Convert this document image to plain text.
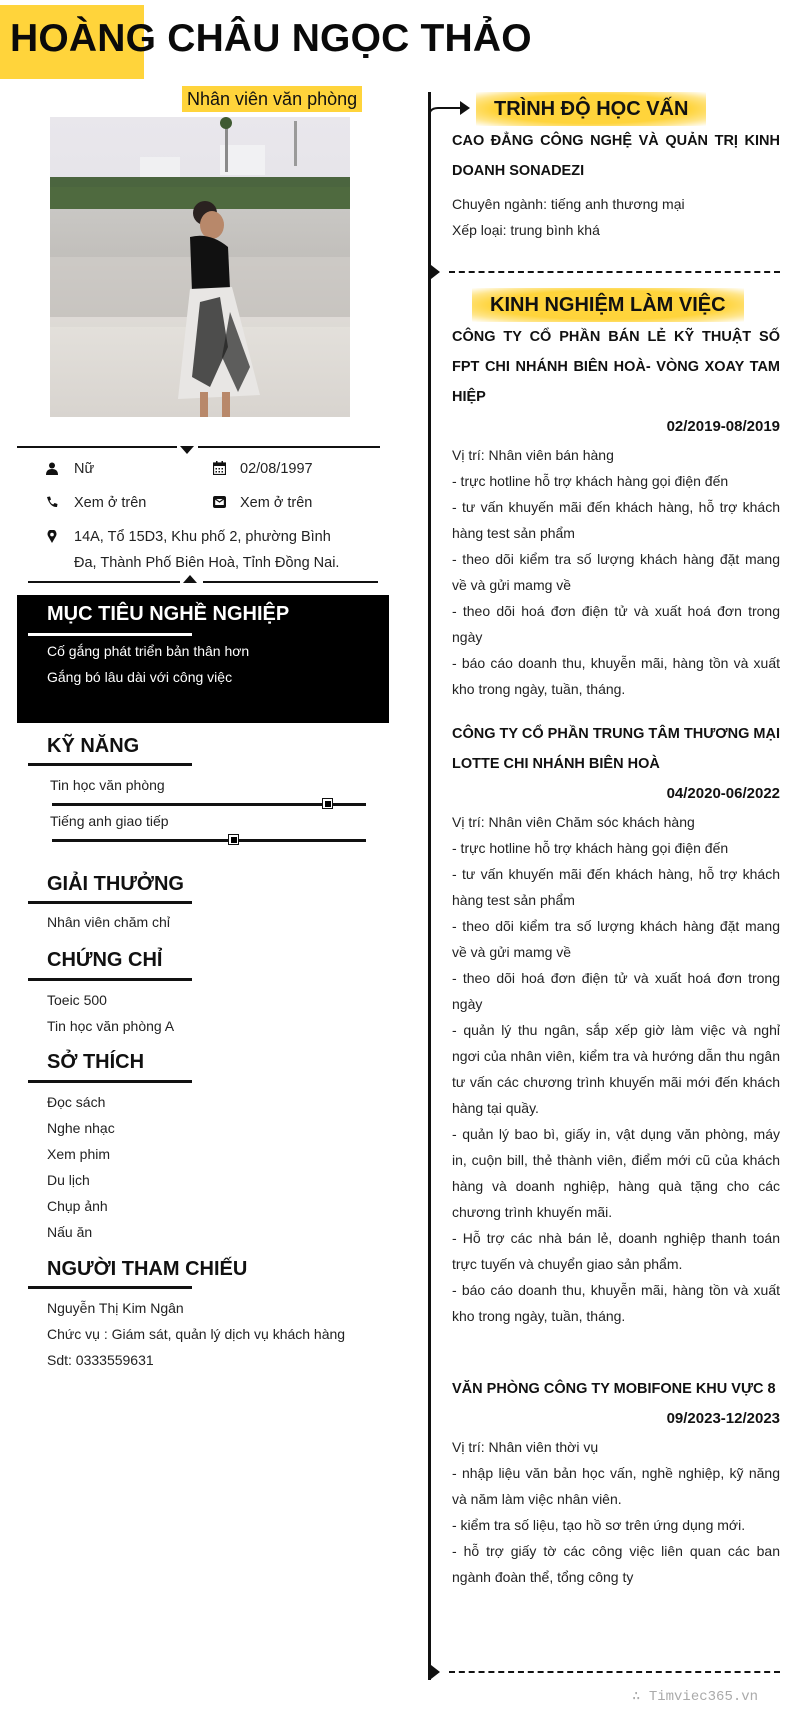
HOÀNG CHÂU NGỌC THẢO
Nhân viên văn phòng
Nữ	02/08/1997
Xem ở trên	Xem ở trên
14A, Tổ 15D3, Khu phố 2, phường Bình
Đa, Thành Phố Biên Hoà, Tỉnh Đồng Nai.
MỤC TIÊU NGHỀ NGHIỆP
Cố gắng phát triển bản thân hơn
Gắng bó lâu dài với công việc
KỸ NĂNG
Tin học văn phòng
Tiếng anh giao tiếp
GIẢI THƯỞNG
Nhân viên chăm chỉ
CHỨNG CHỈ
Toeic 500
Tin học văn phòng A
SỞ THÍCH
Đọc sách
Nghe nhạc
Xem phim
Du lịch
Chụp ảnh
Nấu ăn
NGƯỜI THAM CHIẾU
Nguyễn Thị Kim Ngân
Chức vụ : Giám sát, quản lý dịch vụ khách hàng
Sdt: 0333559631
TRÌNH ĐỘ HỌC VẤN
CAO ĐẲNG CÔNG NGHỆ VÀ QUẢN TRỊ KINH DOANH SONADEZI
Chuyên ngành: tiếng anh thương mại
Xếp loại: trung bình khá
KINH NGHIỆM LÀM VIỆC
CÔNG TY CỔ PHẦN BÁN LẺ KỸ THUẬT SỐ FPT CHI NHÁNH BIÊN HOÀ- VÒNG XOAY TAM HIỆP
02/2019-08/2019
Vị trí: Nhân viên bán hàng
- trực hotline hỗ trợ khách hàng gọi điện đến
- tư vấn khuyến mãi đến khách hàng, hỗ trợ khách hàng test sản phẩm
- theo dõi kiểm tra số lượng khách hàng đặt mang về và gửi mamg về
- theo dõi hoá đơn điện tử và xuất hoá đơn trong ngày
- báo cáo doanh thu, khuyễn mãi, hàng tồn và xuất kho trong ngày, tuần, tháng.
CÔNG TY CỔ PHẦN TRUNG TÂM THƯƠNG MẠI LOTTE CHI NHÁNH BIÊN HOÀ
04/2020-06/2022
Vị trí: Nhân viên Chăm sóc khách hàng
- trực hotline hỗ trợ khách hàng gọi điện đến
- tư vấn khuyến mãi đến khách hàng, hỗ trợ khách hàng test sản phẩm
- theo dõi kiểm tra số lượng khách hàng đặt mang về và gửi mamg về
- theo dõi hoá đơn điện tử và xuất hoá đơn trong ngày
- quản lý thu ngân, sắp xếp giờ làm việc và nghỉ ngơi của nhân viên, kiểm tra và hướng dẫn thu ngân tư vấn các chương trình khuyến mãi mới đến khách hàng tại quầy.
- quản lý bao bì, giấy in, vật dụng văn phòng, máy in, cuộn bill, thẻ thành viên, điểm mới cũ của khách hàng và doanh nghiệp, hàng quà tặng cho các chương trình khuyến mãi.
- Hỗ trợ các nhà bán lẻ, doanh nghiệp thanh toán trực tuyến và chuyển giao sản phẩm.
- báo cáo doanh thu, khuyễn mãi, hàng tồn và xuất kho trong ngày, tuần, tháng.
VĂN PHÒNG CÔNG TY MOBIFONE KHU VỰC 8
09/2023-12/2023
Vị trí: Nhân viên thời vụ
- nhập liệu văn bản học vấn, nghề nghiệp, kỹ năng và năm làm việc nhân viên.
- kiểm tra số liệu, tạo hồ sơ trên ứng dụng mới.
- hỗ trợ giấy tờ các công việc liên quan các ban ngành đoàn thể, tổng công ty
∴ Timviec365.vn
